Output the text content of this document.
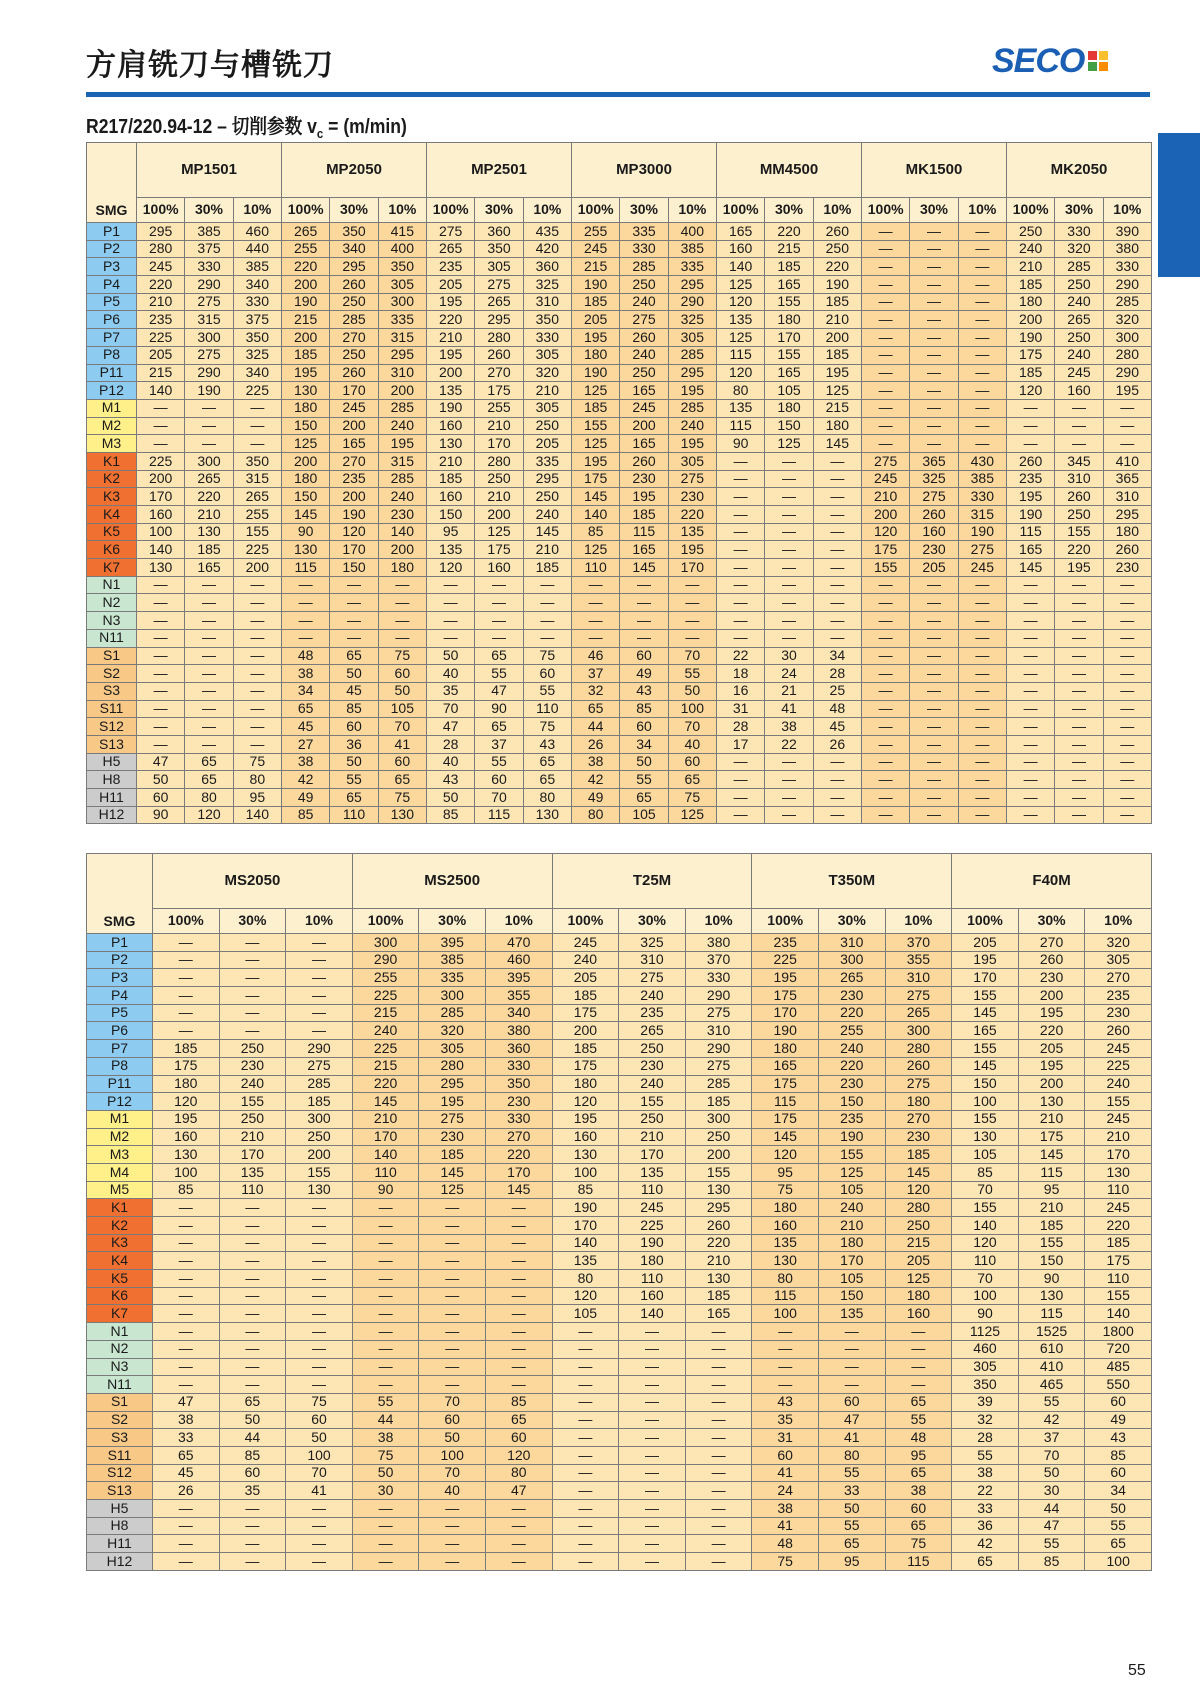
方肩铣刀与槽铣刀	SECO
R217/220.94-12 – 切削参数 $v_c = (m/\min)$
SMG	MP1501			MP2050			MP2501			MP3000			MM4500			MK1500			MK2050		
	100%	30%	10%	100%	30%	10%	100%	30%	10%	100%	30%	10%	100%	30%	10%	100%	30%	10%	100%	30%	10%
P1	295	385	460	265	350	415	275	360	435	255	335	400	165	220	260	—	—	—	250	330	390
P2	280	375	440	255	340	400	265	350	420	245	330	385	160	215	250	—	—	—	240	320	380
P3	245	330	385	220	295	350	235	305	360	215	285	335	140	185	220	—	—	—	210	285	330
P4	220	290	340	200	260	305	205	275	325	190	250	295	125	165	190	—	—	—	185	250	290
P5	210	275	330	190	250	300	195	265	310	185	240	290	120	155	185	—	—	—	180	240	285
P6	235	315	375	215	285	335	220	295	350	205	275	325	135	180	210	—	—	—	200	265	320
P7	225	300	350	200	270	315	210	280	330	195	260	305	125	170	200	—	—	—	190	250	300
P8	205	275	325	185	250	295	195	260	305	180	240	285	115	155	185	—	—	—	175	240	280
P11	215	290	340	195	260	310	200	270	320	190	250	295	120	165	195	—	—	—	185	245	290
P12	140	190	225	130	170	200	135	175	210	125	165	195	80	105	125	—	—	—	120	160	195
M1	—	—	—	180	245	285	190	255	305	185	245	285	135	180	215	—	—	—	—	—	—
M2	—	—	—	150	200	240	160	210	250	155	200	240	115	150	180	—	—	—	—	—	—
M3	—	—	—	125	165	195	130	170	205	125	165	195	90	125	145	—	—	—	—	—	—
K1	225	300	350	200	270	315	210	280	335	195	260	305	—	—	—	275	365	430	260	345	410
K2	200	265	315	180	235	285	185	250	295	175	230	275	—	—	—	245	325	385	235	310	365
K3	170	220	265	150	200	240	160	210	250	145	195	230	—	—	—	210	275	330	195	260	310
K4	160	210	255	145	190	230	150	200	240	140	185	220	—	—	—	200	260	315	190	250	295
K5	100	130	155	90	120	140	95	125	145	85	115	135	—	—	—	120	160	190	115	155	180
K6	140	185	225	130	170	200	135	175	210	125	165	195	—	—	—	175	230	275	165	220	260
K7	130	165	200	115	150	180	120	160	185	110	145	170	—	—	—	155	205	245	145	195	230
N1	—	—	—	—	—	—	—	—	—	—	—	—	—	—	—	—	—	—	—	—	—
N2	—	—	—	—	—	—	—	—	—	—	—	—	—	—	—	—	—	—	—	—	—
N3	—	—	—	—	—	—	—	—	—	—	—	—	—	—	—	—	—	—	—	—	—
N11	—	—	—	—	—	—	—	—	—	—	—	—	—	—	—	—	—	—	—	—	—
S1	—	—	—	48	65	75	50	65	75	46	60	70	22	30	34	—	—	—	—	—	—
S2	—	—	—	38	50	60	40	55	60	37	49	55	18	24	28	—	—	—	—	—	—
S3	—	—	—	34	45	50	35	47	55	32	43	50	16	21	25	—	—	—	—	—	—
S11	—	—	—	65	85	105	70	90	110	65	85	100	31	41	48	—	—	—	—	—	—
S12	—	—	—	45	60	70	47	65	75	44	60	70	28	38	45	—	—	—	—	—	—
S13	—	—	—	27	36	41	28	37	43	26	34	40	17	22	26	—	—	—	—	—	—
H5	47	65	75	38	50	60	40	55	65	38	50	60	—	—	—	—	—	—	—	—	—
H8	50	65	80	42	55	65	43	60	65	42	55	65	—	—	—	—	—	—	—	—	—
H11	60	80	95	49	65	75	50	70	80	49	65	75	—	—	—	—	—	—	—	—	—
H12	90	120	140	85	110	130	85	115	130	80	105	125	—	—	—	—	—	—	—	—	—
SMG	MS2050			MS2500			T25M			T350M			F40M		
	100%	30%	10%	100%	30%	10%	100%	30%	10%	100%	30%	10%	100%	30%	10%
P1	—	—	—	300	395	470	245	325	380	235	310	370	205	270	320
P2	—	—	—	290	385	460	240	310	370	225	300	355	195	260	305
P3	—	—	—	255	335	395	205	275	330	195	265	310	170	230	270
P4	—	—	—	225	300	355	185	240	290	175	230	275	155	200	235
P5	—	—	—	215	285	340	175	235	275	170	220	265	145	195	230
P6	—	—	—	240	320	380	200	265	310	190	255	300	165	220	260
P7	185	250	290	225	305	360	185	250	290	180	240	280	155	205	245
P8	175	230	275	215	280	330	175	230	275	165	220	260	145	195	225
P11	180	240	285	220	295	350	180	240	285	175	230	275	150	200	240
P12	120	155	185	145	195	230	120	155	185	115	150	180	100	130	155
M1	195	250	300	210	275	330	195	250	300	175	235	270	155	210	245
M2	160	210	250	170	230	270	160	210	250	145	190	230	130	175	210
M3	130	170	200	140	185	220	130	170	200	120	155	185	105	145	170
M4	100	135	155	110	145	170	100	135	155	95	125	145	85	115	130
M5	85	110	130	90	125	145	85	110	130	75	105	120	70	95	110
K1	—	—	—	—	—	—	190	245	295	180	240	280	155	210	245
K2	—	—	—	—	—	—	170	225	260	160	210	250	140	185	220
K3	—	—	—	—	—	—	140	190	220	135	180	215	120	155	185
K4	—	—	—	—	—	—	135	180	210	130	170	205	110	150	175
K5	—	—	—	—	—	—	80	110	130	80	105	125	70	90	110
K6	—	—	—	—	—	—	120	160	185	115	150	180	100	130	155
K7	—	—	—	—	—	—	105	140	165	100	135	160	90	115	140
N1	—	—	—	—	—	—	—	—	—	—	—	—	1125	1525	1800
N2	—	—	—	—	—	—	—	—	—	—	—	—	460	610	720
N3	—	—	—	—	—	—	—	—	—	—	—	—	305	410	485
N11	—	—	—	—	—	—	—	—	—	—	—	—	350	465	550
S1	47	65	75	55	70	85	—	—	—	43	60	65	39	55	60
S2	38	50	60	44	60	65	—	—	—	35	47	55	32	42	49
S3	33	44	50	38	50	60	—	—	—	31	41	48	28	37	43
S11	65	85	100	75	100	120	—	—	—	60	80	95	55	70	85
S12	45	60	70	50	70	80	—	—	—	41	55	65	38	50	60
S13	26	35	41	30	40	47	—	—	—	24	33	38	22	30	34
H5	—	—	—	—	—	—	—	—	—	38	50	60	33	44	50
H8	—	—	—	—	—	—	—	—	—	41	55	65	36	47	55
H11	—	—	—	—	—	—	—	—	—	48	65	75	42	55	65
H12	—	—	—	—	—	—	—	—	—	75	95	115	65	85	100
55
